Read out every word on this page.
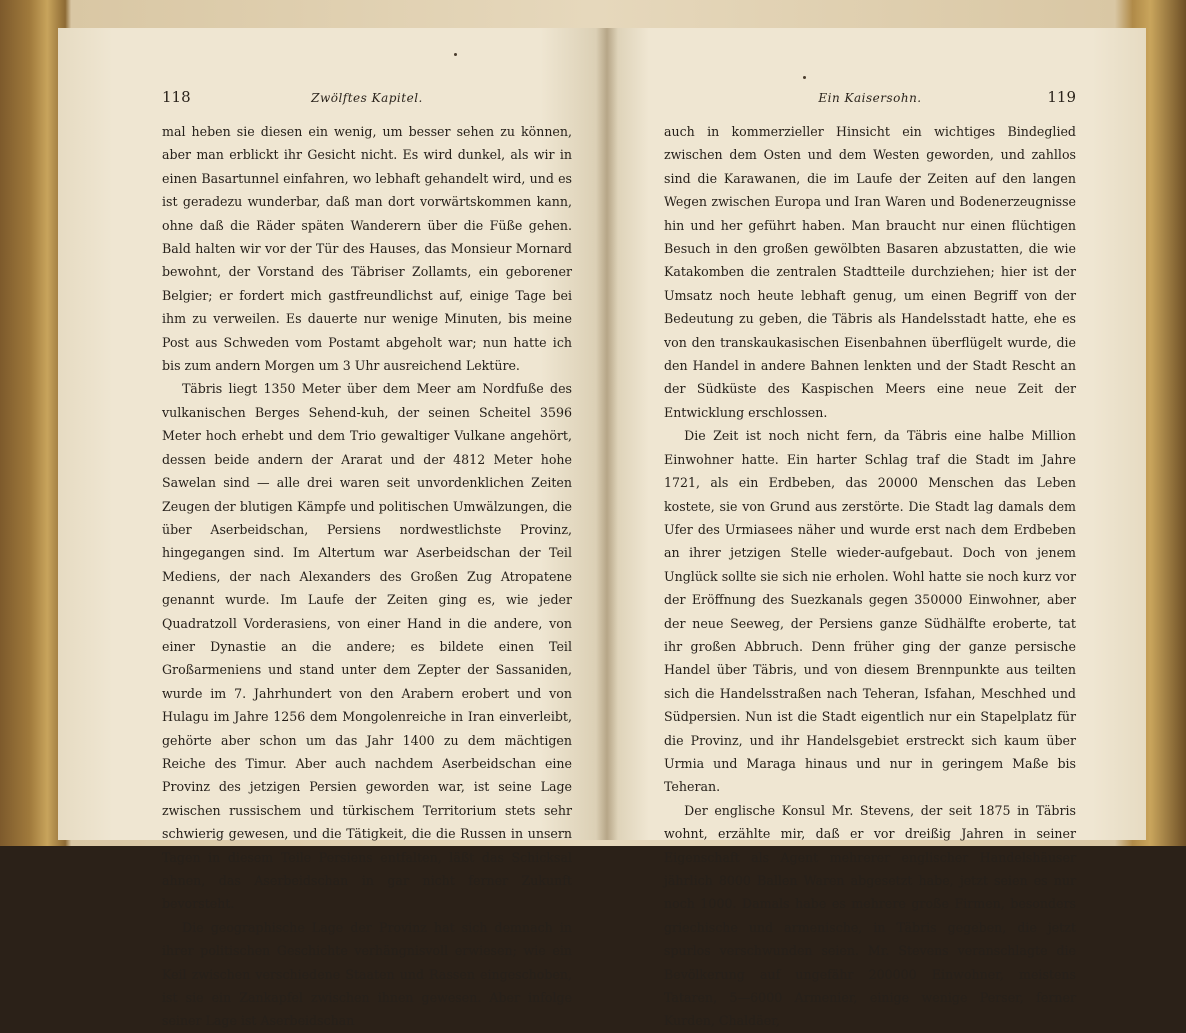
118	Zwölftes Kapitel.

mal heben sie diesen ein wenig, um besser sehen zu können, aber man erblickt ihr Gesicht nicht. Es wird dunkel, als wir in einen Basartunnel einfahren, wo lebhaft gehandelt wird, und es ist geradezu wunderbar, daß man dort vorwärtskommen kann, ohne daß die Räder späten Wanderern über die Füße gehen. Bald halten wir vor der Tür des Hauses, das Monsieur Mornard bewohnt, der Vorstand des Täbriser Zollamts, ein geborener Belgier; er fordert mich gastfreundlichst auf, einige Tage bei ihm zu verweilen. Es dauerte nur wenige Minuten, bis meine Post aus Schweden vom Postamt abgeholt war; nun hatte ich bis zum andern Morgen um 3 Uhr ausreichend Lektüre.

Täbris liegt 1350 Meter über dem Meer am Nordfuße des vulkanischen Berges Sehend-kuh, der seinen Scheitel 3596 Meter hoch erhebt und dem Trio gewaltiger Vulkane angehört, dessen beide andern der Ararat und der 4812 Meter hohe Sawelan sind — alle drei waren seit unvordenklichen Zeiten Zeugen der blutigen Kämpfe und politischen Umwälzungen, die über Aserbeidschan, Persiens nordwestlichste Provinz, hingegangen sind. Im Altertum war Aserbeidschan der Teil Mediens, der nach Alexanders des Großen Zug Atropatene genannt wurde. Im Laufe der Zeiten ging es, wie jeder Quadratzoll Vorderasiens, von einer Hand in die andere, von einer Dynastie an die andere; es bildete einen Teil Großarmeniens und stand unter dem Zepter der Sassaniden, wurde im 7. Jahrhundert von den Arabern erobert und von Hulagu im Jahre 1256 dem Mongolenreiche in Iran einverleibt, gehörte aber schon um das Jahr 1400 zu dem mächtigen Reiche des Timur. Aber auch nachdem Aserbeidschan eine Provinz des jetzigen Persien geworden war, ist seine Lage zwischen russischem und türkischem Territorium stets sehr schwierig gewesen, und die Tätigkeit, die die Russen in unsern Tagen in diesem Teile Persiens entfalten, läßt das Schicksal ahnen, das Aserbeidschan in gar nicht ferner Zukunft bevorsteht.

Die geographische Lage der Provinz hat sich demnach in ihrer politischen Geschichte verhängnisvoll erwiesen; wie ein Keil zwischen verschiedene Staaten und Rassen eingeschoben, ist sie ein Zankapfel zwischen ihnen gewesen. Aber infolge seiner Lage ist Aserbeidschan

Ein Kaisersohn.	119

auch in kommerzieller Hinsicht ein wichtiges Bindeglied zwischen dem Osten und dem Westen geworden, und zahllos sind die Karawanen, die im Laufe der Zeiten auf den langen Wegen zwischen Europa und Iran Waren und Bodenerzeugnisse hin und her geführt haben. Man braucht nur einen flüchtigen Besuch in den großen gewölbten Basaren abzustatten, die wie Katakomben die zentralen Stadtteile durchziehen; hier ist der Umsatz noch heute lebhaft genug, um einen Begriff von der Bedeutung zu geben, die Täbris als Handelsstadt hatte, ehe es von den transkaukasischen Eisenbahnen überflügelt wurde, die den Handel in andere Bahnen lenkten und der Stadt Rescht an der Südküste des Kaspischen Meers eine neue Zeit der Entwicklung erschlossen.

Die Zeit ist noch nicht fern, da Täbris eine halbe Million Einwohner hatte. Ein harter Schlag traf die Stadt im Jahre 1721, als ein Erdbeben, das 20000 Menschen das Leben kostete, sie von Grund aus zerstörte. Die Stadt lag damals dem Ufer des Urmiasees näher und wurde erst nach dem Erdbeben an ihrer jetzigen Stelle wieder-aufgebaut. Doch von jenem Unglück sollte sie sich nie erholen. Wohl hatte sie noch kurz vor der Eröffnung des Suezkanals gegen 350000 Einwohner, aber der neue Seeweg, der Persiens ganze Südhälfte eroberte, tat ihr großen Abbruch. Denn früher ging der ganze persische Handel über Täbris, und von diesem Brennpunkte aus teilten sich die Handelsstraßen nach Teheran, Isfahan, Meschhed und Südpersien. Nun ist die Stadt eigentlich nur ein Stapelplatz für die Provinz, und ihr Handelsgebiet erstreckt sich kaum über Urmia und Maraga hinaus und nur in geringem Maße bis Teheran.

Der englische Konsul Mr. Stevens, der seit 1875 in Täbris wohnt, erzählte mir, daß er vor dreißig Jahren in seiner Eigenschaft als Agent mehrerer englischer Handelshäuser jährlich 8000 Ballen Waren abgesetzt habe, jetzt seien es nur noch 1000. Damals habe es mehrere große Firmen, besonders griechische und armenische, in Täbris gegeben, die jetzt spurlos verschwunden seien. Mr. Stevens veranschlagte die Bevölkerung auf ungefähr 200000 Einwohner, meistens Tataren, 5—6000 Armenier, einige wenige Perser, ferner Kurden, Chaldäer,
